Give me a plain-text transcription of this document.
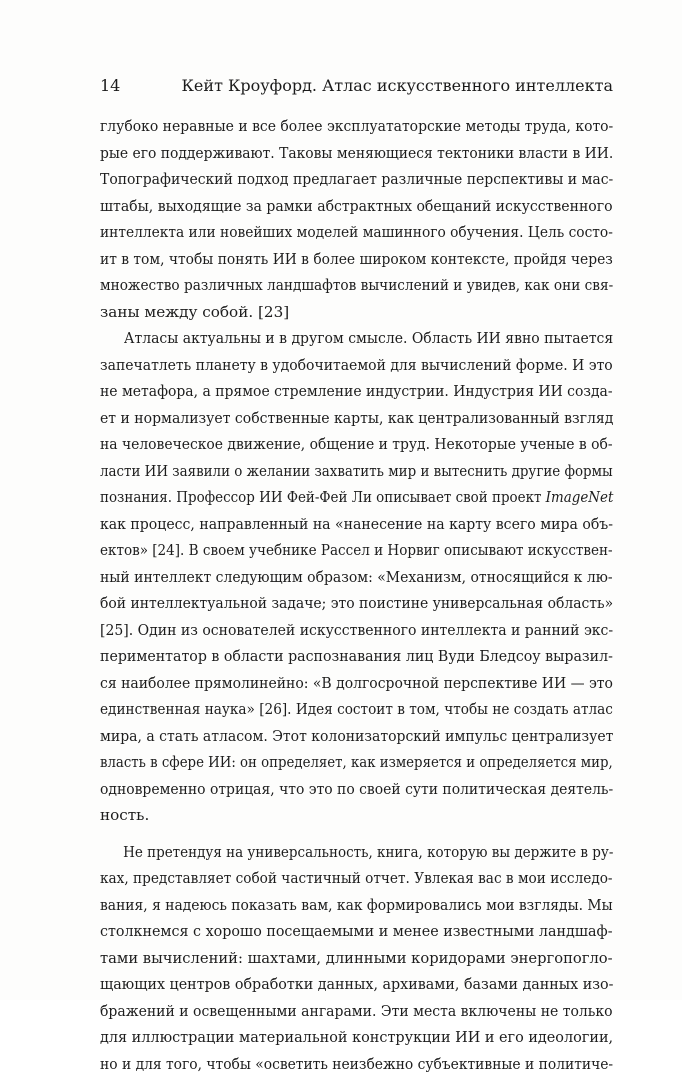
14	Кейт Кроуфорд. Атлас искусственного интеллекта
глубоко неравные и все более эксплуататорские методы труда, кото-
рые его поддерживают. Таковы меняющиеся тектоники власти в ИИ.
Топографический подход предлагает различные перспективы и мас-
штабы, выходящие за рамки абстрактных обещаний искусственного
интеллекта или новейших моделей машинного обучения. Цель состо-
ит в том, чтобы понять ИИ в более широком контексте, пройдя через
множество различных ландшафтов вычислений и увидев, как они свя-
заны между собой. [23]
Атласы актуальны и в другом смысле. Область ИИ явно пытается
запечатлеть планету в удобочитаемой для вычислений форме. И это
не метафора, а прямое стремление индустрии. Индустрия ИИ созда-
ет и нормализует собственные карты, как централизованный взгляд
на человеческое движение, общение и труд. Некоторые ученые в об-
ласти ИИ заявили о желании захватить мир и вытеснить другие формы
познания. Профессор ИИ Фей-Фей Ли описывает свой проект ImageNet
как процесс, направленный на «нанесение на карту всего мира объ-
ектов» [24]. В своем учебнике Рассел и Норвиг описывают искусствен-
ный интеллект следующим образом: «Механизм, относящийся к лю-
бой интеллектуальной задаче; это поистине универсальная область»
[25]. Один из основателей искусственного интеллекта и ранний экс-
периментатор в области распознавания лиц Вуди Бледсоу выразил-
ся наиболее прямолинейно: «В долгосрочной перспективе ИИ — это
единственная наука» [26]. Идея состоит в том, чтобы не создать атлас
мира, а стать атласом. Этот колонизаторский импульс централизует
власть в сфере ИИ: он определяет, как измеряется и определяется мир,
одновременно отрицая, что это по своей сути политическая деятель-
ность.
Не претендуя на универсальность, книга, которую вы держите в ру-
ках, представляет собой частичный отчет. Увлекая вас в мои исследо-
вания, я надеюсь показать вам, как формировались мои взгляды. Мы
столкнемся с хорошо посещаемыми и менее известными ландшаф-
тами вычислений: шахтами, длинными коридорами энергопогло-
щающих центров обработки данных, архивами, базами данных изо-
бражений и освещенными ангарами. Эти места включены не только
для иллюстрации материальной конструкции ИИ и его идеологии,
но и для того, чтобы «осветить неизбежно субъективные и политиче-
